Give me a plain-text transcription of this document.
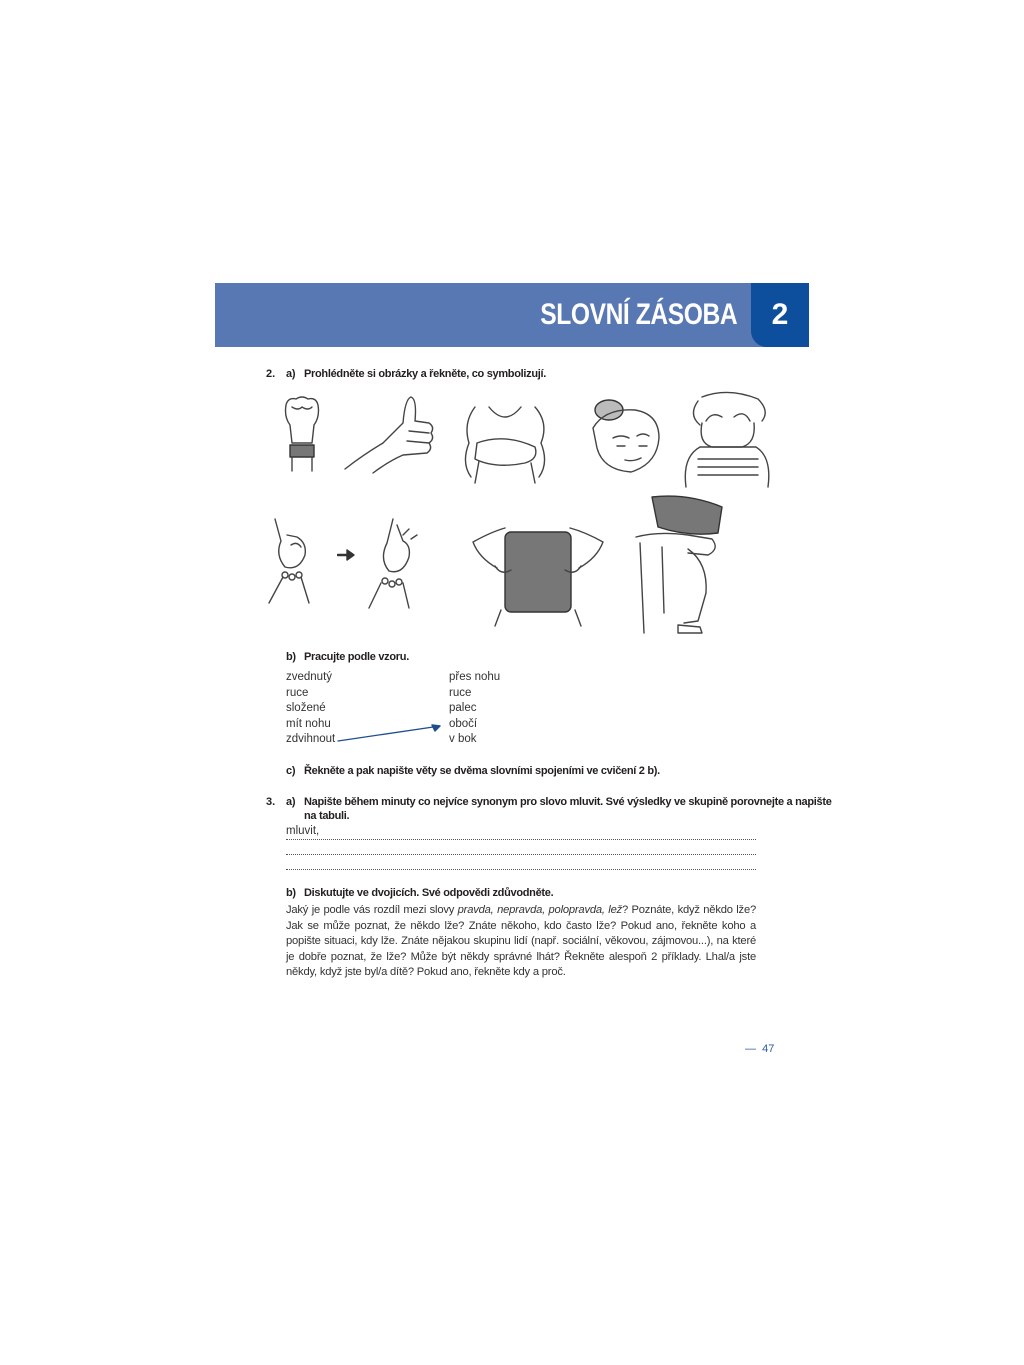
SLOVNÍ ZÁSOBA	2
2. a) Prohlédněte si obrázky a řekněte, co symbolizují.
b) Pracujte podle vzoru.
zvednutý
ruce
složené
mít nohu
zdvihnout
přes nohu
ruce
palec
obočí
v bok
c) Řekněte a pak napište věty se dvěma slovními spojeními ve cvičení 2 b).
3. a) Napište během minuty co nejvíce synonym pro slovo mluvit. Své výsledky ve skupině porovnejte a napište
na tabuli.
mluvit,
b) Diskutujte ve dvojicích. Své odpovědi zdůvodněte.
Jaký je podle vás rozdíl mezi slovy pravda, nepravda, polopravda, lež? Poznáte, když někdo lže? Jak se může poznat, že někdo lže? Znáte někoho, kdo často lže? Pokud ano, řekněte koho a popište situaci, kdy lže. Znáte nějakou skupinu lidí (např. sociální, věkovou, zájmovou...), na které je dobře poznat, že lže? Může být někdy správné lhát? Řekněte alespoň 2 příklady. Lhal/a jste někdy, když jste byl/a dítě? Pokud ano, řekněte kdy a proč.
— 47
